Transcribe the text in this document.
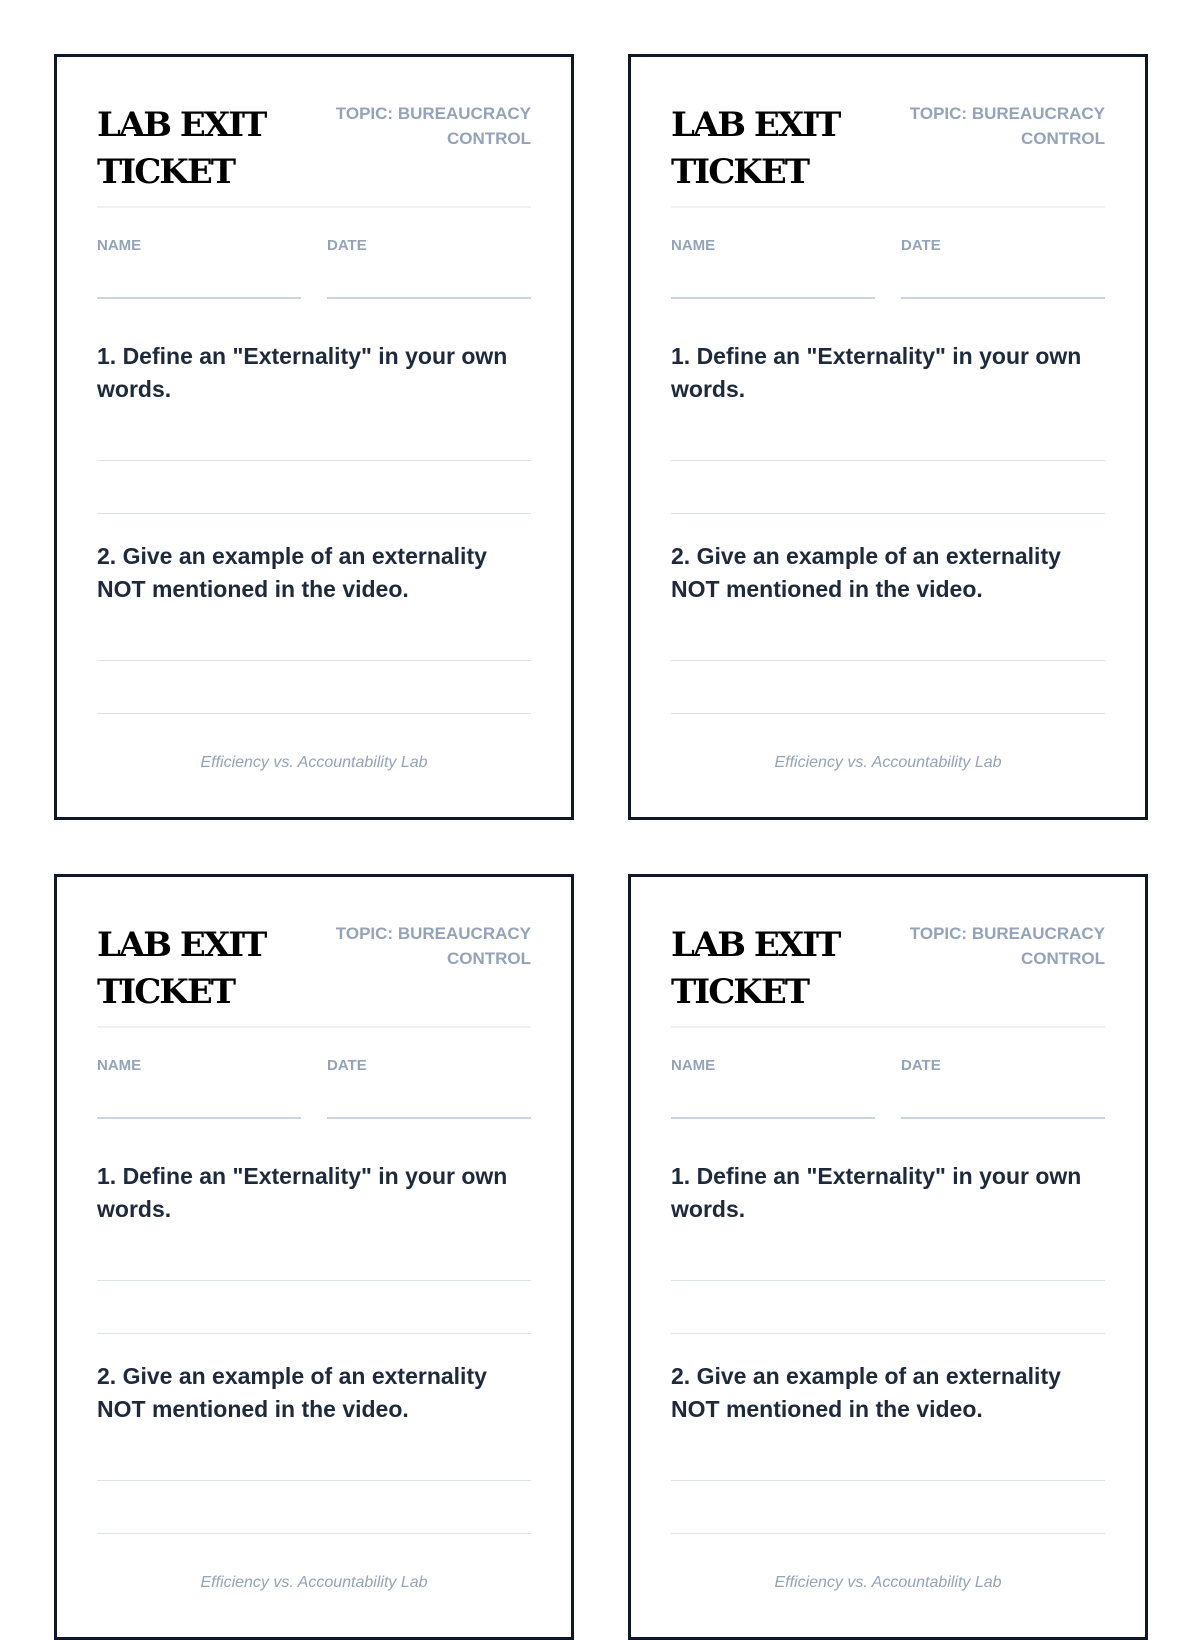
LAB EXIT TICKET
TOPIC: BUREAUCRACY CONTROL
NAME	DATE

1. Define an "Externality" in your own words.

2. Give an example of an externality NOT mentioned in the video.

Efficiency vs. Accountability Lab
LAB EXIT TICKET
TOPIC: BUREAUCRACY CONTROL
NAME	DATE

1. Define an "Externality" in your own words.

2. Give an example of an externality NOT mentioned in the video.

Efficiency vs. Accountability Lab
LAB EXIT TICKET
TOPIC: BUREAUCRACY CONTROL
NAME	DATE

1. Define an "Externality" in your own words.

2. Give an example of an externality NOT mentioned in the video.

Efficiency vs. Accountability Lab
LAB EXIT TICKET
TOPIC: BUREAUCRACY CONTROL
NAME	DATE

1. Define an "Externality" in your own words.

2. Give an example of an externality NOT mentioned in the video.

Efficiency vs. Accountability Lab
